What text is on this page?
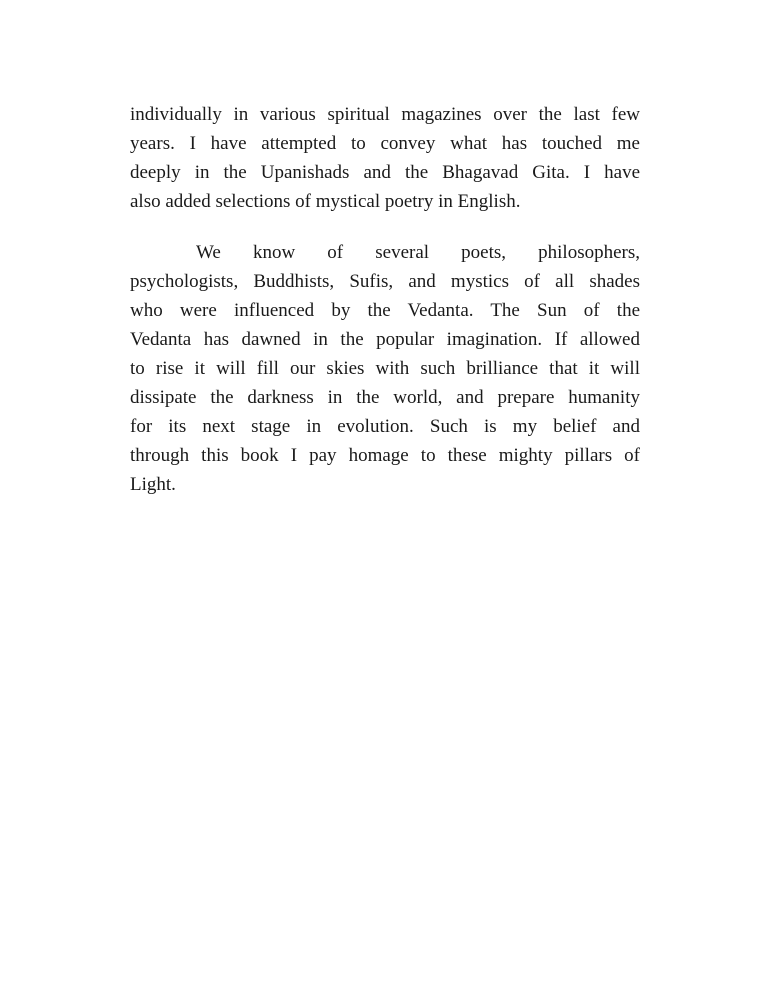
individually in various spiritual magazines over the last few
years. I have attempted to convey what has touched me
deeply in the Upanishads and the Bhagavad Gita. I have
also added selections of mystical poetry in English.
We know of several poets, philosophers,
psychologists, Buddhists, Sufis, and mystics of all shades
who were influenced by the Vedanta. The Sun of the
Vedanta has dawned in the popular imagination. If allowed
to rise it will fill our skies with such brilliance that it will
dissipate the darkness in the world, and prepare humanity
for its next stage in evolution. Such is my belief and
through this book I pay homage to these mighty pillars of
Light.
